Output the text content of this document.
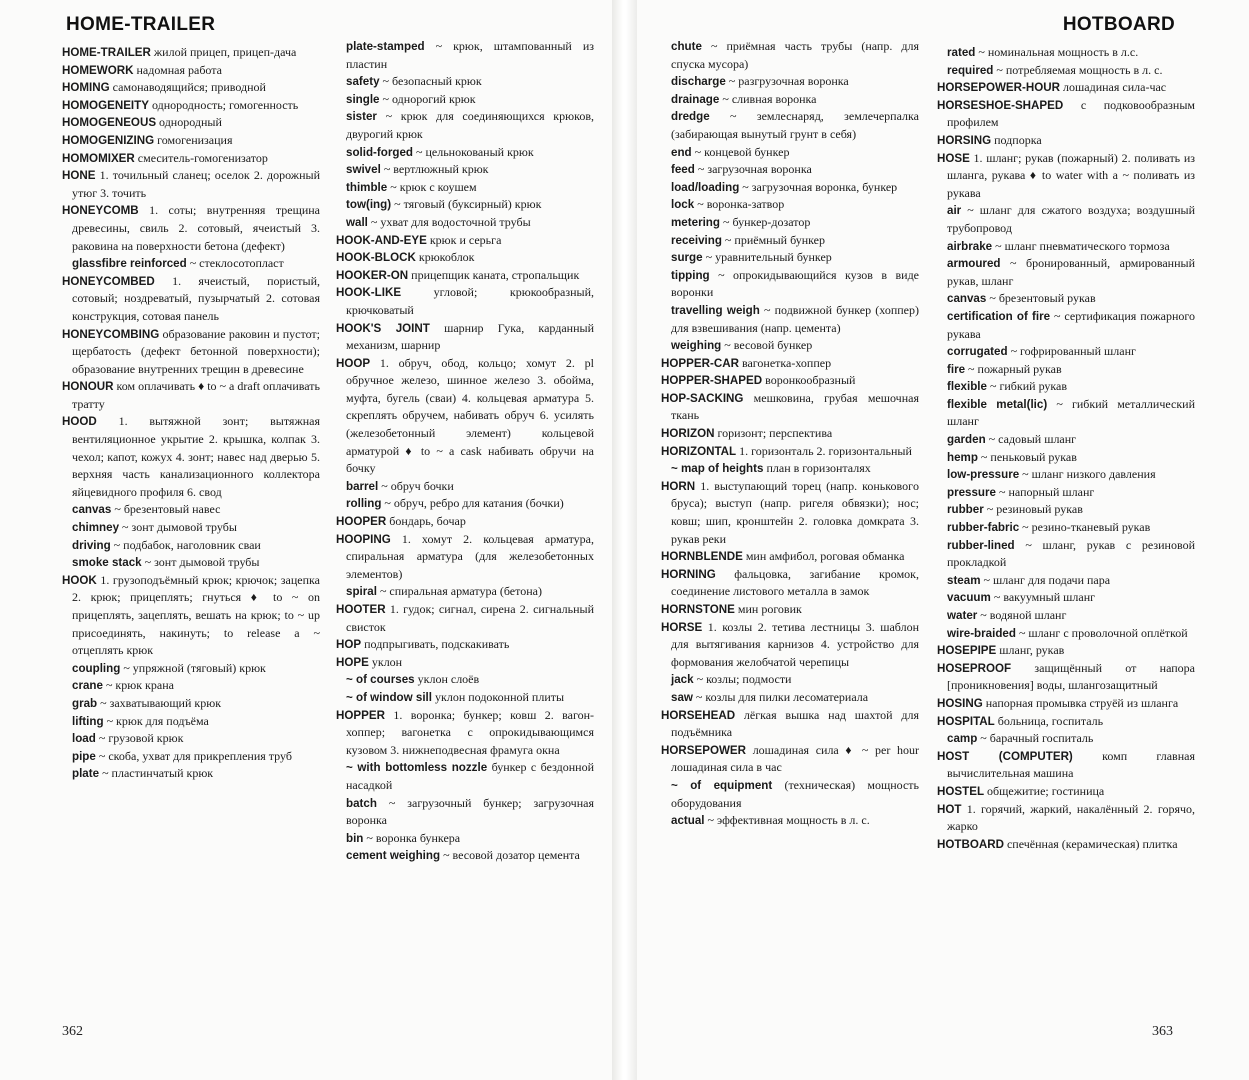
HOME-TRAILER

HOME-TRAILER жилой прицеп, прицеп-дача

HOMEWORK надомная работа

HOMING самонаводящийся; приводной

HOMOGENEITY однородность; гомогенность

HOMOGENEOUS однородный

HOMOGENIZING гомогенизация

HOMOMIXER смеситель-гомогенизатор

HONE 1. точильный сланец; оселок 2. дорожный утюг 3. точить

HONEYCOMB 1. соты; внутренняя трещина древесины, свиль 2. сотовый, ячеистый 3. раковина на поверхности бетона (дефект)

glassfibre reinforced ~ стеклосотопласт

HONEYCOMBED 1. ячеистый, пористый, сотовый; ноздреватый, пузырчатый 2. сотовая конструкция, сотовая панель

HONEYCOMBING образование раковин и пустот; щербатость (дефект бетонной поверхности); образование внутренних трещин в древесине

HONOUR ком оплачивать ♦ to ~ a draft оплачивать тратту

HOOD 1. вытяжной зонт; вытяжная вентиляционное укрытие 2. крышка, колпак 3. чехол; капот, кожух 4. зонт; навес над дверью 5. верхняя часть канализационного коллектора яйцевидного профиля 6. свод

canvas ~ брезентовый навес

chimney ~ зонт дымовой трубы

driving ~ подбабок, наголовник сваи

smoke stack ~ зонт дымовой трубы

HOOK 1. грузоподъёмный крюк; крючок; зацепка 2. крюк; прицеплять; гнуться ♦ to ~ on прицеплять, зацеплять, вешать на крюк; to ~ up присоединять, накинуть; to release a ~ отцеплять крюк

coupling ~ упряжной (тяговый) крюк

crane ~ крюк крана

grab ~ захватывающий крюк

lifting ~ крюк для подъёма

load ~ грузовой крюк

pipe ~ скоба, ухват для прикрепления труб

plate ~ пластинчатый крюк

plate-stamped ~ крюк, штампованный из пластин

safety ~ безопасный крюк

single ~ однорогий крюк

sister ~ крюк для соединяющихся крюков, двурогий крюк

solid-forged ~ цельнокованый крюк

swivel ~ вертлюжный крюк

thimble ~ крюк с коушем

tow(ing) ~ тяговый (буксирный) крюк

wall ~ ухват для водосточной трубы

HOOK-AND-EYE крюк и серьга

HOOK-BLOCK крюкоблок

HOOKER-ON прицепщик каната, стропальщик

HOOK-LIKE угловой; крюкообразный, крючковатый

HOOK'S JOINT шарнир Гука, карданный механизм, шарнир

HOOP 1. обруч, обод, кольцо; хомут 2. pl обручное железо, шинное железо 3. обойма, муфта, бугель (сваи) 4. кольцевая арматура 5. скреплять обручем, набивать обруч 6. усилять (железобетонный элемент) кольцевой арматурой ♦ to ~ a cask набивать обручи на бочку

barrel ~ обруч бочки

rolling ~ обруч, ребро для катания (бочки)

HOOPER бондарь, бочар

HOOPING 1. хомут 2. кольцевая арматура, спиральная арматура (для железобетонных элементов)

spiral ~ спиральная арматура (бетона)

HOOTER 1. гудок; сигнал, сирена 2. сигнальный свисток

HOP подпрыгивать, подскакивать

HOPE уклон

~ of courses уклон слоёв

~ of window sill уклон подоконной плиты

HOPPER 1. воронка; бункер; ковш 2. вагон-хоппер; вагонетка с опрокидывающимся кузовом 3. нижнеподвесная фрамуга окна

~ with bottomless nozzle бункер с бездонной насадкой

batch ~ загрузочный бункер; загрузочная воронка

bin ~ воронка бункера

cement weighing ~ весовой дозатор цемента

362
HOTBOARD

chute ~ приёмная часть трубы (напр. для спуска мусора)

discharge ~ разгрузочная воронка

drainage ~ сливная воронка

dredge ~ землеснаряд, землечерпалка (забирающая вынутый грунт в себя)

end ~ концевой бункер

feed ~ загрузочная воронка

load/loading ~ загрузочная воронка, бункер

lock ~ воронка-затвор

metering ~ бункер-дозатор

receiving ~ приёмный бункер

surge ~ уравнительный бункер

tipping ~ опрокидывающийся кузов в виде воронки

travelling weigh ~ подвижной бункер (хоппер) для взвешивания (напр. цемента)

weighing ~ весовой бункер

HOPPER-CAR вагонетка-хоппер

HOPPER-SHAPED воронкообразный

HOP-SACKING мешковина, грубая мешочная ткань

HORIZON горизонт; перспектива

HORIZONTAL 1. горизонталь 2. горизонтальный

~ map of heights план в горизонталях

HORN 1. выступающий торец (напр. коньковогo бруса); выступ (напр. ригеля обвязки); нос; ковш; шип, кронштейн 2. головка домкрата 3. рукав реки

HORNBLENDE мин амфибол, роговая обманка

HORNING фальцовка, загибание кромок, соединение листового металла в замок

HORNSTONE мин роговик

HORSE 1. козлы 2. тетива лестницы 3. шаблон для вытягивания карнизов 4. устройство для формования желобчатой черепицы

jack ~ козлы; подмости

saw ~ козлы для пилки лесоматериала

HORSEHEAD лёгкая вышка над шахтой для подъёмника

HORSEPOWER лошадиная сила ♦ ~ per hour лошадиная сила в час

~ of equipment (техническая) мощность оборудования

actual ~ эффективная мощность в л. с.

rated ~ номинальная мощность в л.с.

required ~ потребляемая мощность в л. с.

HORSEPOWER-HOUR лошадиная сила-час

HORSESHOE-SHAPED с подковообразным профилем

HORSING подпорка

HOSE 1. шланг; рукав (пожарный) 2. поливать из шланга, рукава ♦ to water with a ~ поливать из рукава

air ~ шланг для сжатого воздуха; воздушный трубопровод

airbrake ~ шланг пневматического тормоза

armoured ~ бронированный, армированный рукав, шланг

canvas ~ брезентовый рукав

certification of fire ~ сертификация пожарного рукава

corrugated ~ гофрированный шланг

fire ~ пожарный рукав

flexible ~ гибкий рукав

flexible metal(lic) ~ гибкий металлический шланг

garden ~ садовый шланг

hemp ~ пеньковый рукав

low-pressure ~ шланг низкого давления

pressure ~ напорный шланг

rubber ~ резиновый рукав

rubber-fabric ~ резино-тканевый рукав

rubber-lined ~ шланг, рукав с резиновой прокладкой

steam ~ шланг для подачи пара

vacuum ~ вакуумный шланг

water ~ водяной шланг

wire-braided ~ шланг с проволочной оплёткой

HOSEPIPE шланг, рукав

HOSEPROOF защищённый от напора [проникновения] воды, шлангозащитный

HOSING напорная промывка струёй из шланга

HOSPITAL больница, госпиталь

camp ~ барачный госпиталь

HOST (COMPUTER) комп главная вычислительная машина

HOSTEL общежитие; гостиница

HOT 1. горячий, жаркий, накалённый 2. горячо, жарко

HOTBOARD спечённая (керамическая) плитка

363
